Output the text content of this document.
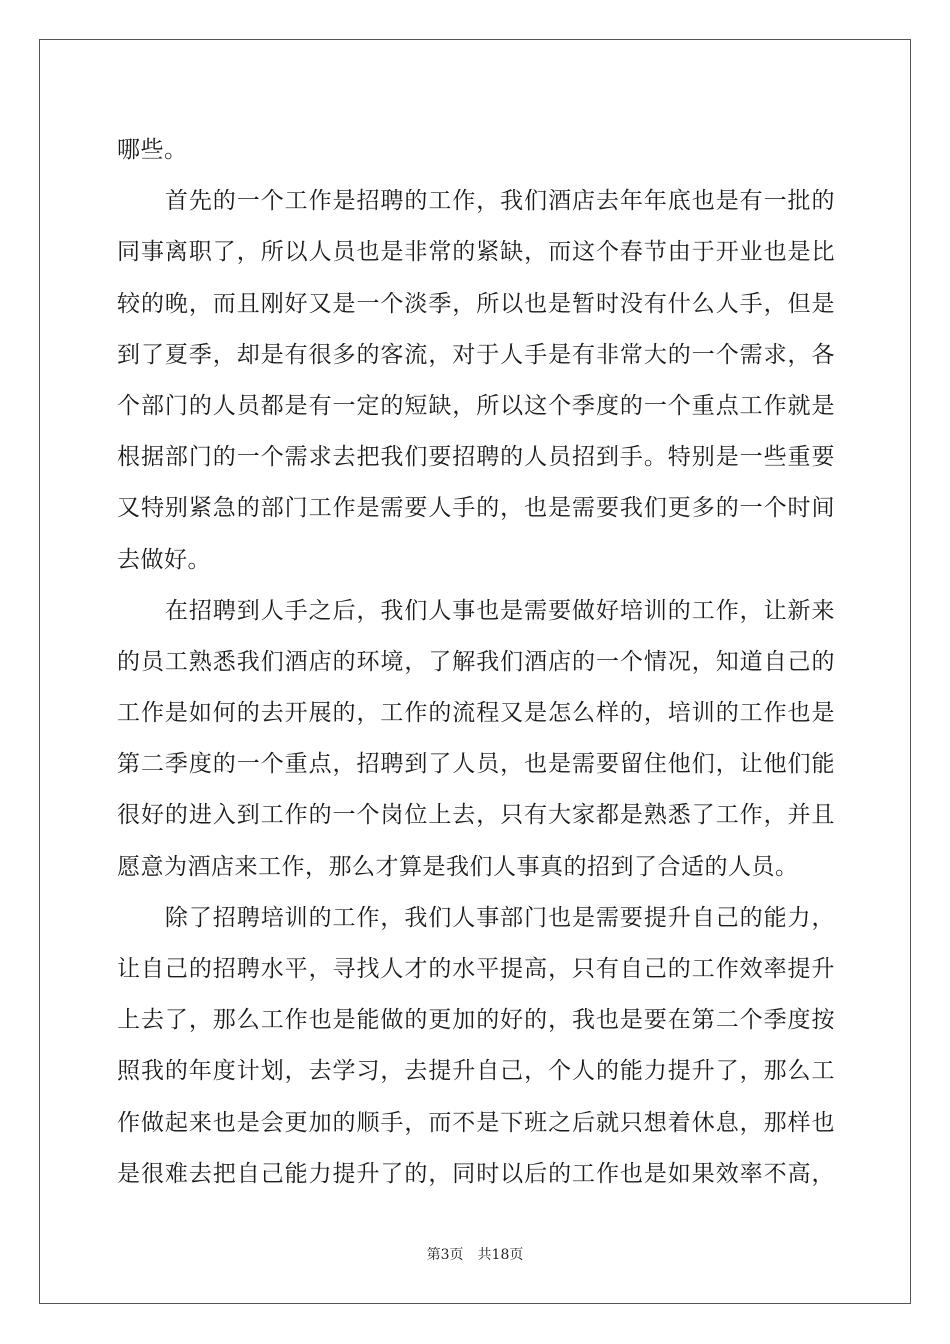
哪些。
　　首先的一个工作是招聘的工作，我们酒店去年年底也是有一批的
同事离职了，所以人员也是非常的紧缺，而这个春节由于开业也是比
较的晚，而且刚好又是一个淡季，所以也是暂时没有什么人手，但是
到了夏季，却是有很多的客流，对于人手是有非常大的一个需求，各
个部门的人员都是有一定的短缺，所以这个季度的一个重点工作就是
根据部门的一个需求去把我们要招聘的人员招到手。特别是一些重要
又特别紧急的部门工作是需要人手的，也是需要我们更多的一个时间
去做好。
　　在招聘到人手之后，我们人事也是需要做好培训的工作，让新来
的员工熟悉我们酒店的环境，了解我们酒店的一个情况，知道自己的
工作是如何的去开展的，工作的流程又是怎么样的，培训的工作也是
第二季度的一个重点，招聘到了人员，也是需要留住他们，让他们能
很好的进入到工作的一个岗位上去，只有大家都是熟悉了工作，并且
愿意为酒店来工作，那么才算是我们人事真的招到了合适的人员。
　　除了招聘培训的工作，我们人事部门也是需要提升自己的能力，
让自己的招聘水平，寻找人才的水平提高，只有自己的工作效率提升
上去了，那么工作也是能做的更加的好的，我也是要在第二个季度按
照我的年度计划，去学习，去提升自己，个人的能力提升了，那么工
作做起来也是会更加的顺手，而不是下班之后就只想着休息，那样也
是很难去把自己能力提升了的，同时以后的工作也是如果效率不高，
第3页 共18页
